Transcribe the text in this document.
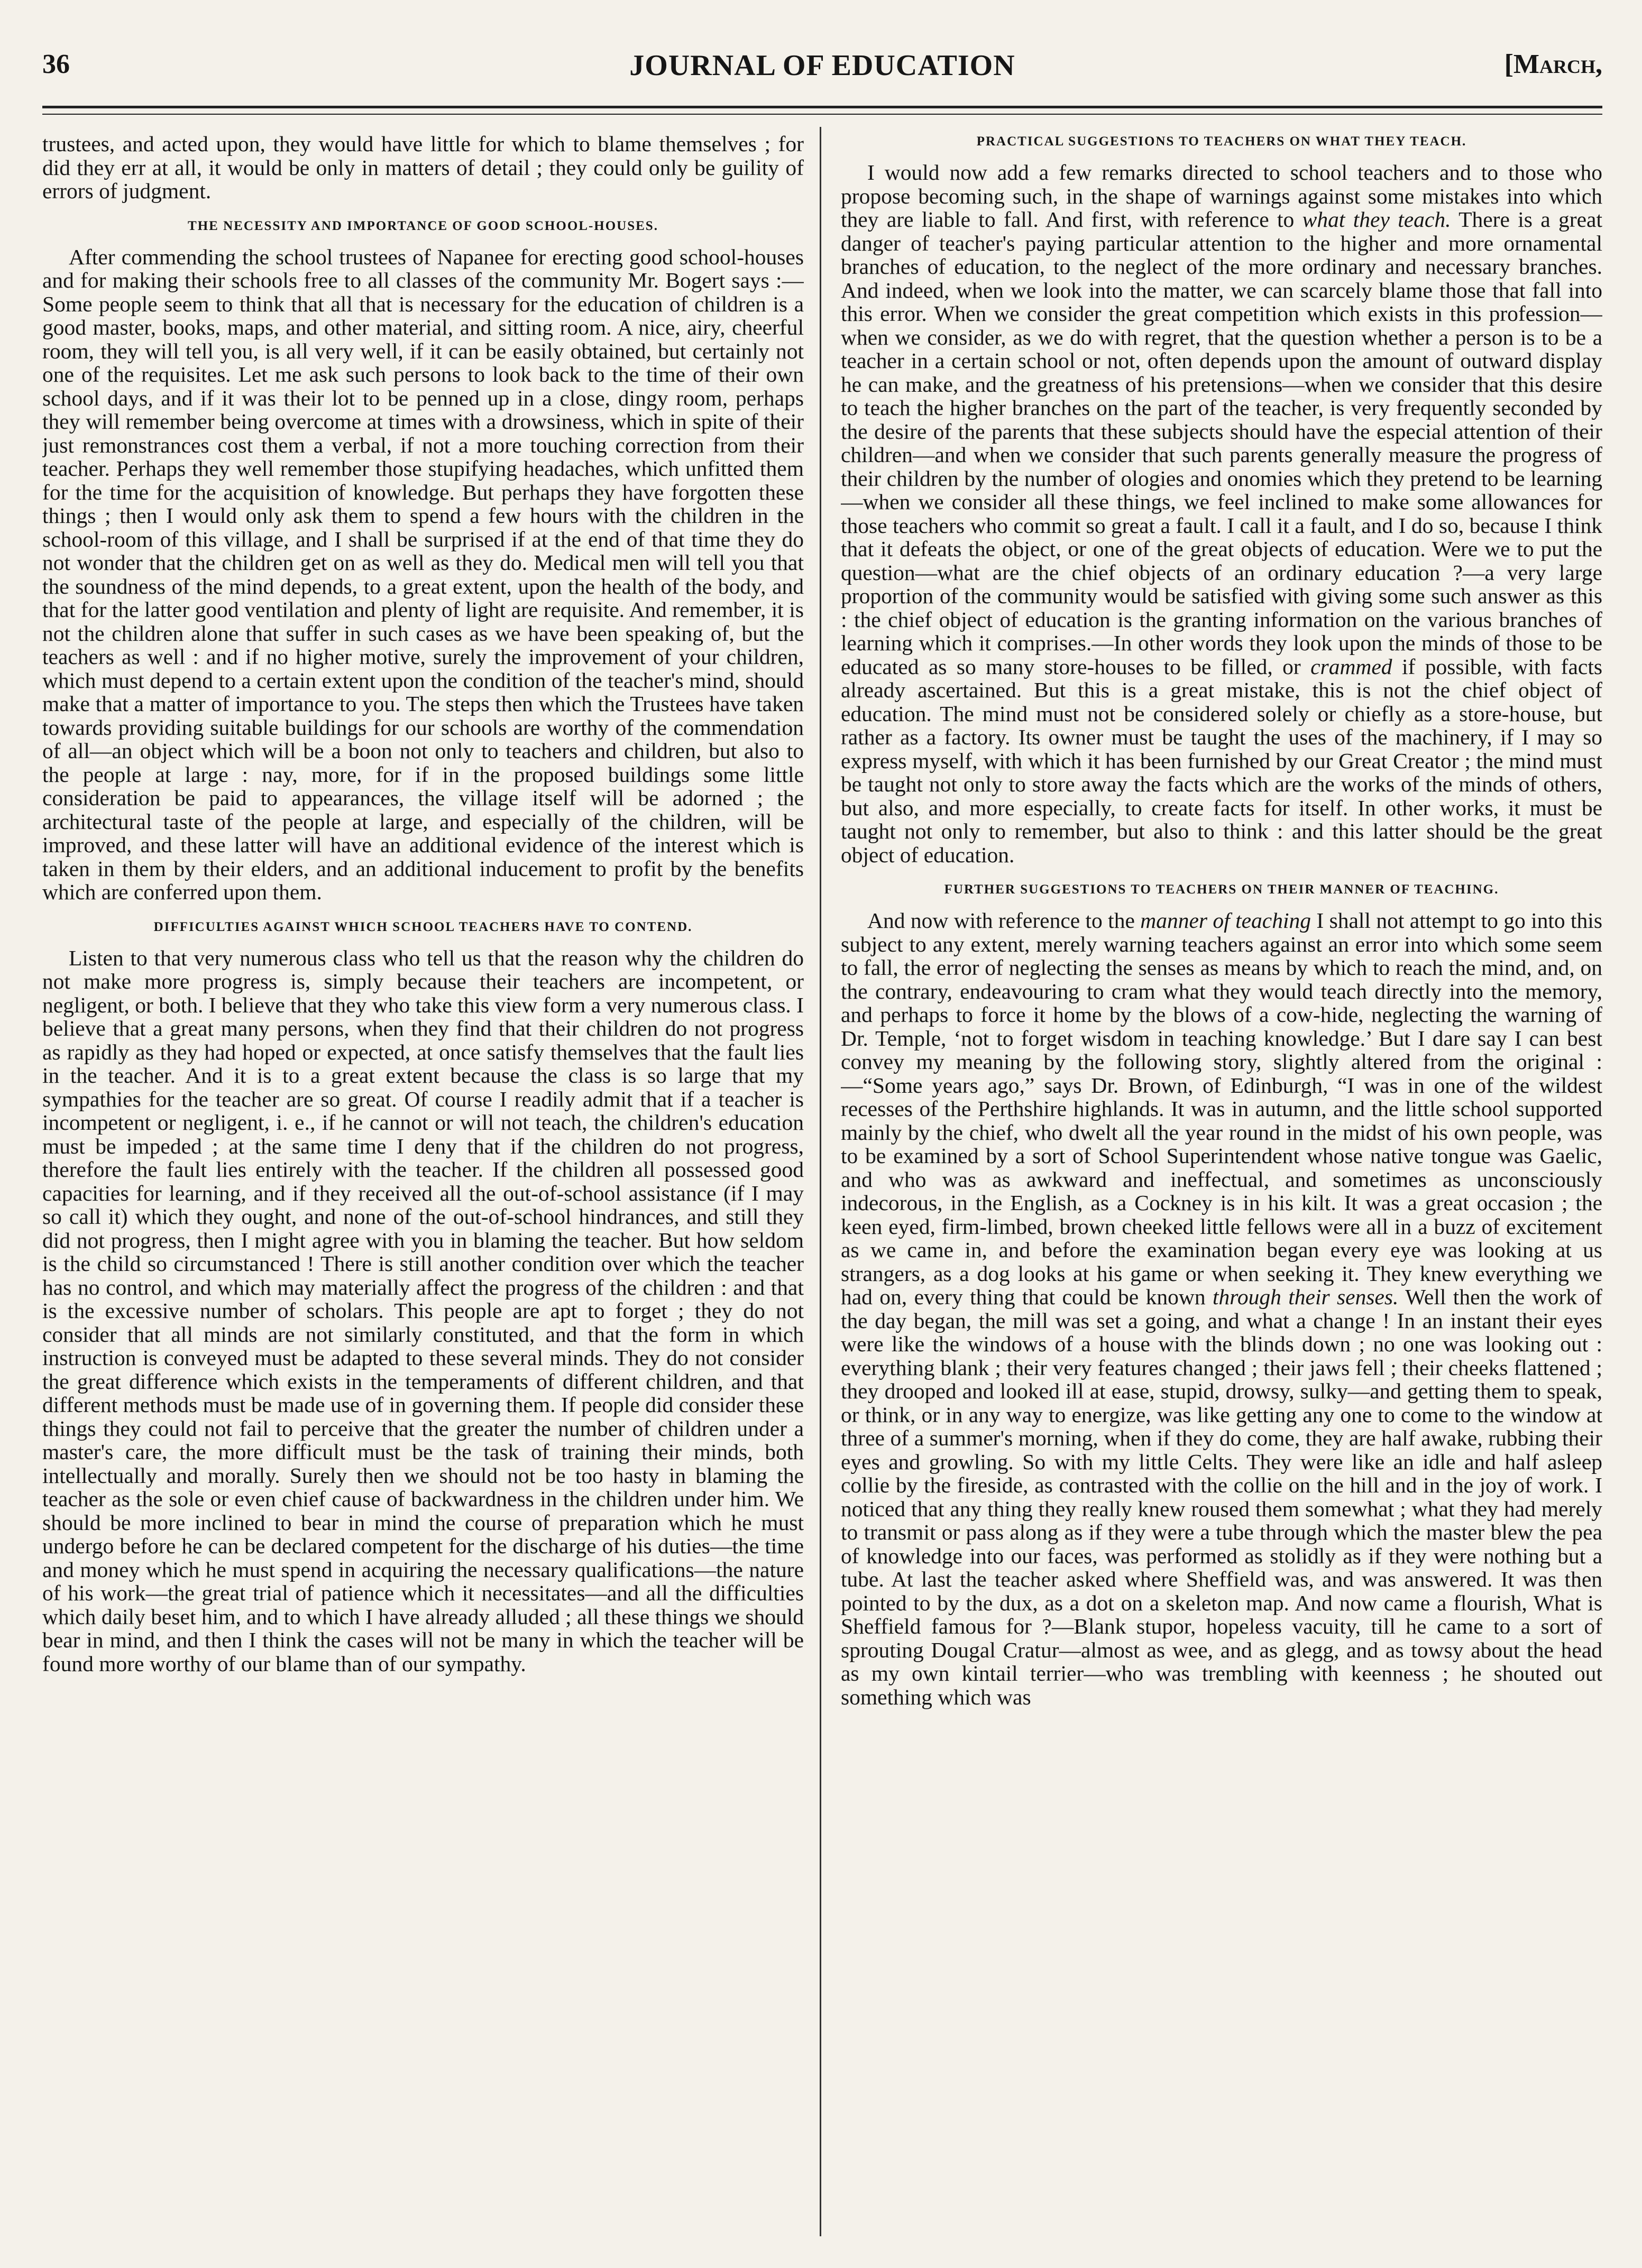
36	JOURNAL OF EDUCATION	[March,

trustees, and acted upon, they would have little for which to blame themselves ; for did they err at all, it would be only in matters of detail ; they could only be guility of errors of judgment.

THE NECESSITY AND IMPORTANCE OF GOOD SCHOOL-HOUSES.

After commending the school trustees of Napanee for erecting good school-houses and for making their schools free to all classes of the community Mr. Bogert says :—Some people seem to think that all that is necessary for the education of children is a good master, books, maps, and other material, and sitting room. A nice, airy, cheerful room, they will tell you, is all very well, if it can be easily obtained, but certainly not one of the requisites. Let me ask such persons to look back to the time of their own school days, and if it was their lot to be penned up in a close, dingy room, perhaps they will remember being overcome at times with a drowsiness, which in spite of their just remonstrances cost them a verbal, if not a more touching correction from their teacher. Perhaps they well remember those stupifying headaches, which unfitted them for the time for the acquisition of knowledge. But perhaps they have forgotten these things ; then I would only ask them to spend a few hours with the children in the school-room of this village, and I shall be surprised if at the end of that time they do not wonder that the children get on as well as they do. Medical men will tell you that the soundness of the mind depends, to a great extent, upon the health of the body, and that for the latter good ventilation and plenty of light are requisite. And remember, it is not the children alone that suffer in such cases as we have been speaking of, but the teachers as well : and if no higher motive, surely the improvement of your children, which must depend to a certain extent upon the condition of the teacher's mind, should make that a matter of importance to you. The steps then which the Trustees have taken towards providing suitable buildings for our schools are worthy of the commendation of all—an object which will be a boon not only to teachers and children, but also to the people at large : nay, more, for if in the proposed buildings some little consideration be paid to appearances, the village itself will be adorned ; the architectural taste of the people at large, and especially of the children, will be improved, and these latter will have an additional evidence of the interest which is taken in them by their elders, and an additional inducement to profit by the benefits which are conferred upon them.

DIFFICULTIES AGAINST WHICH SCHOOL TEACHERS HAVE TO CONTEND.

Listen to that very numerous class who tell us that the reason why the children do not make more progress is, simply because their teachers are incompetent, or negligent, or both. I believe that they who take this view form a very numerous class. I believe that a great many persons, when they find that their children do not progress as rapidly as they had hoped or expected, at once satisfy themselves that the fault lies in the teacher. And it is to a great extent because the class is so large that my sympathies for the teacher are so great. Of course I readily admit that if a teacher is incompetent or negligent, i. e., if he cannot or will not teach, the children's education must be impeded ; at the same time I deny that if the children do not progress, therefore the fault lies entirely with the teacher. If the children all possessed good capacities for learning, and if they received all the out-of-school assistance (if I may so call it) which they ought, and none of the out-of-school hindrances, and still they did not progress, then I might agree with you in blaming the teacher. But how seldom is the child so circumstanced ! There is still another condition over which the teacher has no control, and which may materially affect the progress of the children : and that is the excessive number of scholars. This people are apt to forget ; they do not consider that all minds are not similarly constituted, and that the form in which instruction is conveyed must be adapted to these several minds. They do not consider the great difference which exists in the temperaments of different children, and that different methods must be made use of in governing them. If people did consider these things they could not fail to perceive that the greater the number of children under a master's care, the more difficult must be the task of training their minds, both intellectually and morally. Surely then we should not be too hasty in blaming the teacher as the sole or even chief cause of backwardness in the children under him. We should be more inclined to bear in mind the course of preparation which he must undergo before he can be declared competent for the discharge of his duties—the time and money which he must spend in acquiring the necessary qualifications—the nature of his work—the great trial of patience which it necessitates—and all the difficulties which daily beset him, and to which I have already alluded ; all these things we should bear in mind, and then I think the cases will not be many in which the teacher will be found more worthy of our blame than of our sympathy.

PRACTICAL SUGGESTIONS TO TEACHERS ON WHAT THEY TEACH.

I would now add a few remarks directed to school teachers and to those who propose becoming such, in the shape of warnings against some mistakes into which they are liable to fall. And first, with reference to what they teach. There is a great danger of teacher's paying particular attention to the higher and more ornamental branches of education, to the neglect of the more ordinary and necessary branches. And indeed, when we look into the matter, we can scarcely blame those that fall into this error. When we consider the great competition which exists in this profession—when we consider, as we do with regret, that the question whether a person is to be a teacher in a certain school or not, often depends upon the amount of outward display he can make, and the greatness of his pretensions—when we consider that this desire to teach the higher branches on the part of the teacher, is very frequently seconded by the desire of the parents that these subjects should have the especial attention of their children—and when we consider that such parents generally measure the progress of their children by the number of ologies and onomies which they pretend to be learning—when we consider all these things, we feel inclined to make some allowances for those teachers who commit so great a fault. I call it a fault, and I do so, because I think that it defeats the object, or one of the great objects of education. Were we to put the question—what are the chief objects of an ordinary education ?—a very large proportion of the community would be satisfied with giving some such answer as this : the chief object of education is the granting information on the various branches of learning which it comprises.—In other words they look upon the minds of those to be educated as so many store-houses to be filled, or crammed if possible, with facts already ascertained. But this is a great mistake, this is not the chief object of education. The mind must not be considered solely or chiefly as a store-house, but rather as a factory. Its owner must be taught the uses of the machinery, if I may so express myself, with which it has been furnished by our Great Creator ; the mind must be taught not only to store away the facts which are the works of the minds of others, but also, and more especially, to create facts for itself. In other works, it must be taught not only to remember, but also to think : and this latter should be the great object of education.

FURTHER SUGGESTIONS TO TEACHERS ON THEIR MANNER OF TEACHING.

And now with reference to the manner of teaching I shall not attempt to go into this subject to any extent, merely warning teachers against an error into which some seem to fall, the error of neglecting the senses as means by which to reach the mind, and, on the contrary, endeavouring to cram what they would teach directly into the memory, and perhaps to force it home by the blows of a cow-hide, neglecting the warning of Dr. Temple, ‘not to forget wisdom in teaching knowledge.’ But I dare say I can best convey my meaning by the following story, slightly altered from the original :—“Some years ago,” says Dr. Brown, of Edinburgh, “I was in one of the wildest recesses of the Perthshire highlands. It was in autumn, and the little school supported mainly by the chief, who dwelt all the year round in the midst of his own people, was to be examined by a sort of School Superintendent whose native tongue was Gaelic, and who was as awkward and ineffectual, and sometimes as unconsciously indecorous, in the English, as a Cockney is in his kilt. It was a great occasion ; the keen eyed, firm-limbed, brown cheeked little fellows were all in a buzz of excitement as we came in, and before the examination began every eye was looking at us strangers, as a dog looks at his game or when seeking it. They knew everything we had on, every thing that could be known through their senses. Well then the work of the day began, the mill was set a going, and what a change ! In an instant their eyes were like the windows of a house with the blinds down ; no one was looking out : everything blank ; their very features changed ; their jaws fell ; their cheeks flattened ; they drooped and looked ill at ease, stupid, drowsy, sulky—and getting them to speak, or think, or in any way to energize, was like getting any one to come to the window at three of a summer's morning, when if they do come, they are half awake, rubbing their eyes and growling. So with my little Celts. They were like an idle and half asleep collie by the fireside, as contrasted with the collie on the hill and in the joy of work. I noticed that any thing they really knew roused them somewhat ; what they had merely to transmit or pass along as if they were a tube through which the master blew the pea of knowledge into our faces, was performed as stolidly as if they were nothing but a tube. At last the teacher asked where Sheffield was, and was answered. It was then pointed to by the dux, as a dot on a skeleton map. And now came a flourish, What is Sheffield famous for ?—Blank stupor, hopeless vacuity, till he came to a sort of sprouting Dougal Cratur—almost as wee, and as glegg, and as towsy about the head as my own kintail terrier—who was trembling with keenness ; he shouted out something which was
